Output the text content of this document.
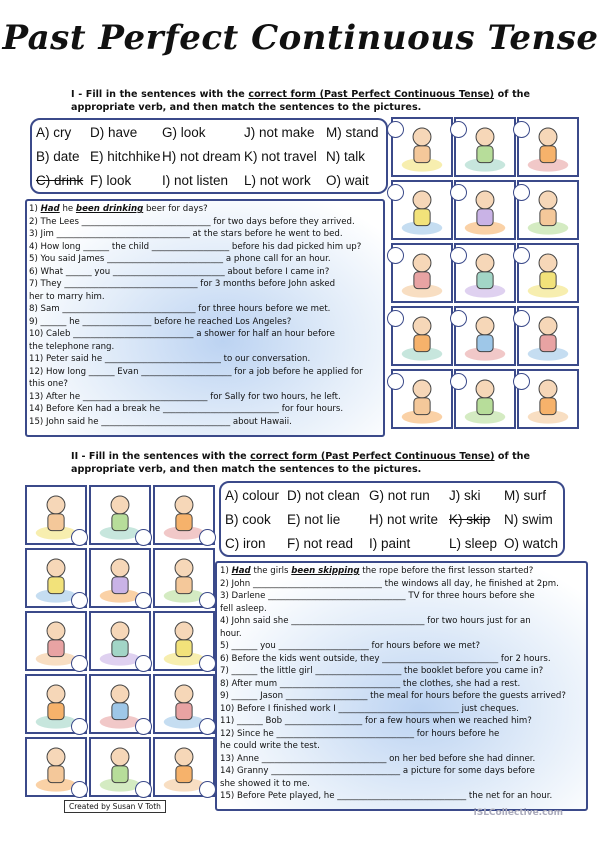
Past Perfect Continuous Tense
I - Fill in the sentences with the correct form (Past Perfect Continuous Tense) of the appropriate verb, and then match the sentences to the pictures.
A) cry	D) have	G) look	J) not make M) stand
B) date E) hitchhike H) not dream K) not travel N) talk
C) drink F) look	I) not listen	L) not work	O) wait
1) Had he been drinking beer for days?
2) The Lees ______________________________ for two days before they arrived.
3) Jim _______________________________ at the stars before he went to bed.
4) How long ______ the child __________________ before his dad picked him up?
5) You said James ___________________________ a phone call for an hour.
6) What ______ you __________________________ about before I came in?
7) They _______________________________ for 3 months before John asked
her to marry him.
8) Sam _______________________________ for three hours before we met.
9) ______ he ________________ before he reached Los Angeles?
10) Caleb ____________________________ a shower for half an hour before
the telephone rang.
11) Peter said he ___________________________ to our conversation.
12) How long ______ Evan _____________________ for a job before he applied for
this one?
13) After he _____________________________ for Sally for two hours, he left.
14) Before Ken had a break he ___________________________ for four hours.
15) John said he ______________________________ about Hawaii.
II - Fill in the sentences with the correct form (Past Perfect Continuous Tense) of the appropriate verb, and then match the sentences to the pictures.
A) colour D) not clean G) not run	J) ski	M) surf
B) cook	E) not lie	H) not write K) skip	N) swim
C) iron	F) not read	I) paint	L) sleep O) watch
1) Had the girls been skipping the rope before the first lesson started?
2) John ______________________________ the windows all day, he finished at 2pm.
3) Darlene ________________________________ TV for three hours before she
fell asleep.
4) John said she _______________________________ for two hours just for an
hour.
5) ______ you _____________________ for hours before we met?
6) Before the kids went outside, they ___________________________ for 2 hours.
7) ______ the little girl ____________________ the booklet before you came in?
8) After mum ____________________________ the clothes, she had a rest.
9) ______ Jason ___________________ the meal for hours before the guests arrived?
10) Before I finished work I ____________________________ just cheques.
11) ______ Bob __________________ for a few hours when we reached him?
12) Since he ________________________________ for hours before he
he could write the test.
13) Anne _____________________________ on her bed before she had dinner.
14) Granny ______________________________ a picture for some days before
she showed it to me.
15) Before Pete played, he ______________________________ the net for an hour.
Created by Susan V Toth
iSLCollective.com
